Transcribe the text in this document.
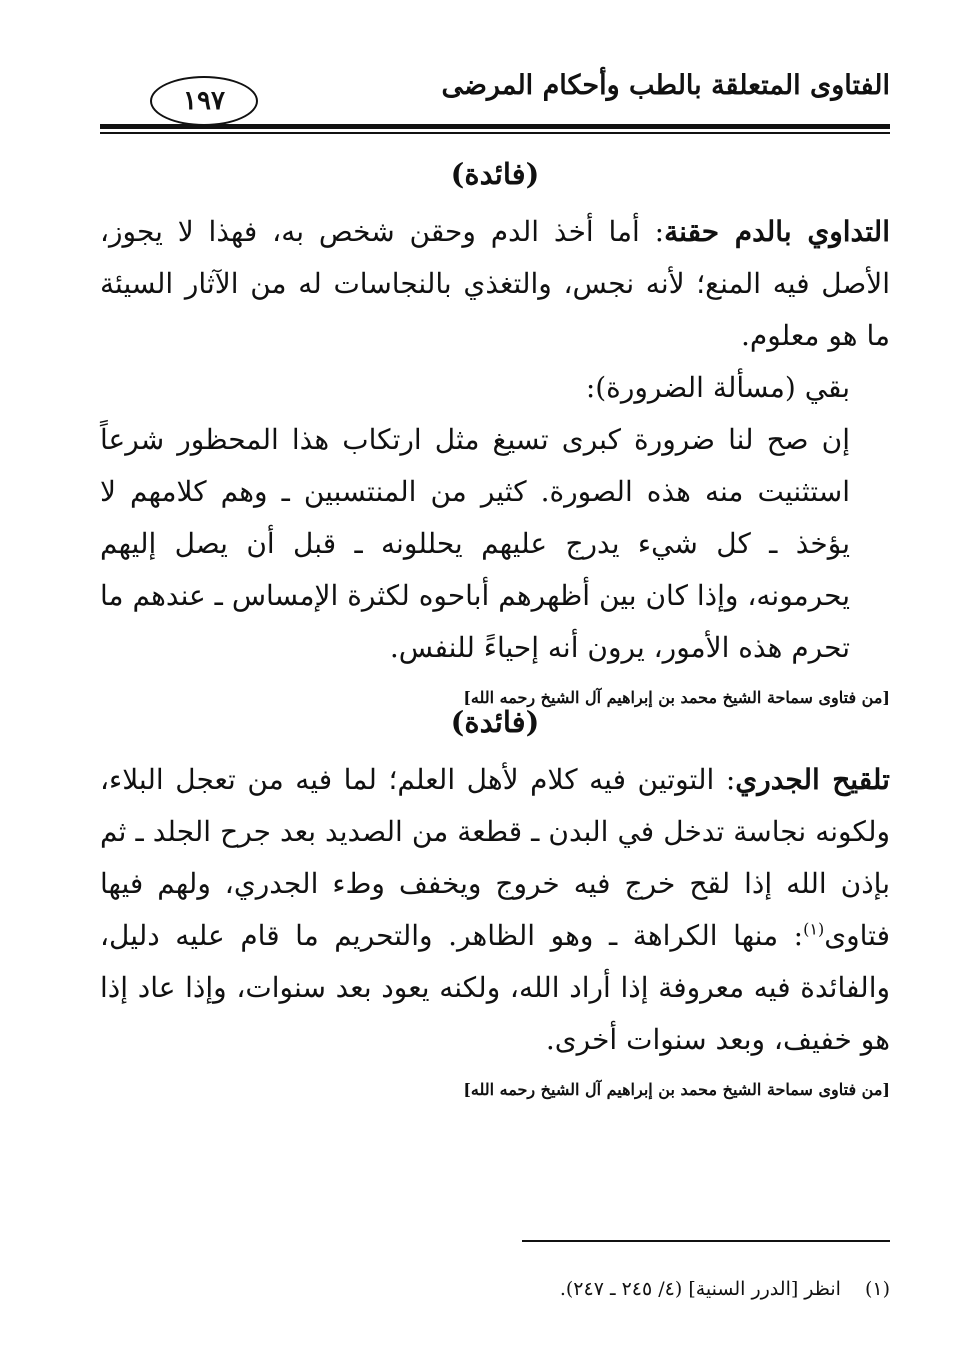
الفتاوى المتعلقة بالطب وأحكام المرضى
١٩٧
(فائدة)

التداوي بالدم حقنة: أما أخذ الدم وحقن شخص به، فهذا لا يجوز، الأصل فيه المنع؛ لأنه نجس، والتغذي بالنجاسات له من الآثار السيئة ما هو معلوم.

بقي (مسألة الضرورة):

إن صح لنا ضرورة كبرى تسيغ مثل ارتكاب هذا المحظور شرعاً استثنيت منه هذه الصورة. كثير من المنتسبين ـ وهم كلامهم لا يؤخذ ـ كل شيء يدرج عليهم يحللونه ـ قبل أن يصل إليهم يحرمونه، وإذا كان بين أظهرهم أباحوه لكثرة الإمساس ـ عندهم ما تحرم هذه الأمور، يرون أنه إحياءً للنفس.

[من فتاوى سماحة الشيخ محمد بن إبراهيم آل الشيخ رحمه الله]
(فائدة)

تلقيح الجدري: التوتين فيه كلام لأهل العلم؛ لما فيه من تعجل البلاء، ولكونه نجاسة تدخل في البدن ـ قطعة من الصديد بعد جرح الجلد ـ ثم بإذن الله إذا لقح خرج فيه خروج ويخفف وطء الجدري، ولهم فيها فتاوى$^{(١)}$: منها الكراهة ـ وهو الظاهر. والتحريم ما قام عليه دليل، والفائدة فيه معروفة إذا أراد الله، ولكنه يعود بعد سنوات، وإذا عاد إذا هو خفيف، وبعد سنوات أخرى.

[من فتاوى سماحة الشيخ محمد بن إبراهيم آل الشيخ رحمه الله]
(١)انظر [الدرر السنية] (٤/ ٢٤٥ ـ ٢٤٧).
